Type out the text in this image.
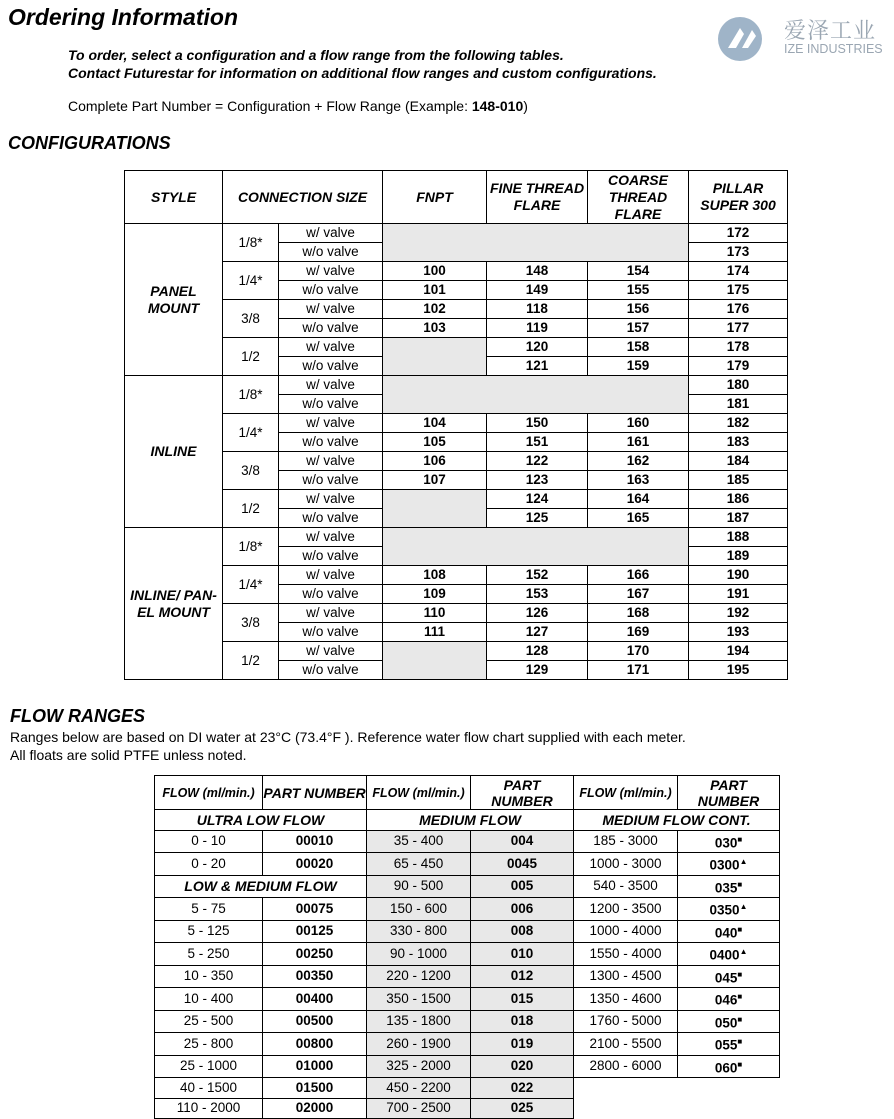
Ordering Information
爱泽工业
IZE INDUSTRIES
To order, select a configuration and a flow range from the following tables.
Contact Futurestar for information on additional flow ranges and custom configurations.
Complete Part Number = Configuration + Flow Range (Example: 148-010)
CONFIGURATIONS
STYLE	CONNECTION SIZE		FNPT	FINE THREAD FLARE	COARSE THREAD FLARE	PILLAR SUPER 300
PANEL MOUNT	1/8*	w/ valve				172
		w/o valve				173
	1/4*	w/ valve	100	148	154	174
		w/o valve	101	149	155	175
	3/8	w/ valve	102	118	156	176
		w/o valve	103	119	157	177
	1/2	w/ valve		120	158	178
		w/o valve		121	159	179
INLINE	1/8*	w/ valve				180
		w/o valve				181
	1/4*	w/ valve	104	150	160	182
		w/o valve	105	151	161	183
	3/8	w/ valve	106	122	162	184
		w/o valve	107	123	163	185
	1/2	w/ valve		124	164	186
		w/o valve		125	165	187
INLINE/ PAN-EL MOUNT	1/8*	w/ valve				188
		w/o valve				189
	1/4*	w/ valve	108	152	166	190
		w/o valve	109	153	167	191
	3/8	w/ valve	110	126	168	192
		w/o valve	111	127	169	193
	1/2	w/ valve		128	170	194
		w/o valve		129	171	195
FLOW RANGES
Ranges below are based on DI water at 23°C (73.4°F ). Reference water flow chart supplied with each meter.
All floats are solid PTFE unless noted.
FLOW (ml/min.)	PART NUMBER	FLOW (ml/min.)	PART NUMBER	FLOW (ml/min.)	PART NUMBER
ULTRA LOW FLOW		MEDIUM FLOW		MEDIUM FLOW CONT.	
0 - 10	00010	35 - 400	004	185 - 3000	030■
0 - 20	00020	65 - 450	0045	1000 - 3000	0300▲
LOW & MEDIUM FLOW		90 - 500	005	540 - 3500	035■
5 - 75	00075	150 - 600	006	1200 - 3500	0350▲
5 - 125	00125	330 - 800	008	1000 - 4000	040■
5 - 250	00250	90 - 1000	010	1550 - 4000	0400▲
10 - 350	00350	220 - 1200	012	1300 - 4500	045■
10 - 400	00400	350 - 1500	015	1350 - 4600	046■
25 - 500	00500	135 - 1800	018	1760 - 5000	050■
25 - 800	00800	260 - 1900	019	2100 - 5500	055■
25 - 1000	01000	325 - 2000	020	2800 - 6000	060■
40 - 1500	01500	450 - 2200	022		
110 - 2000	02000	700 - 2500	025		
